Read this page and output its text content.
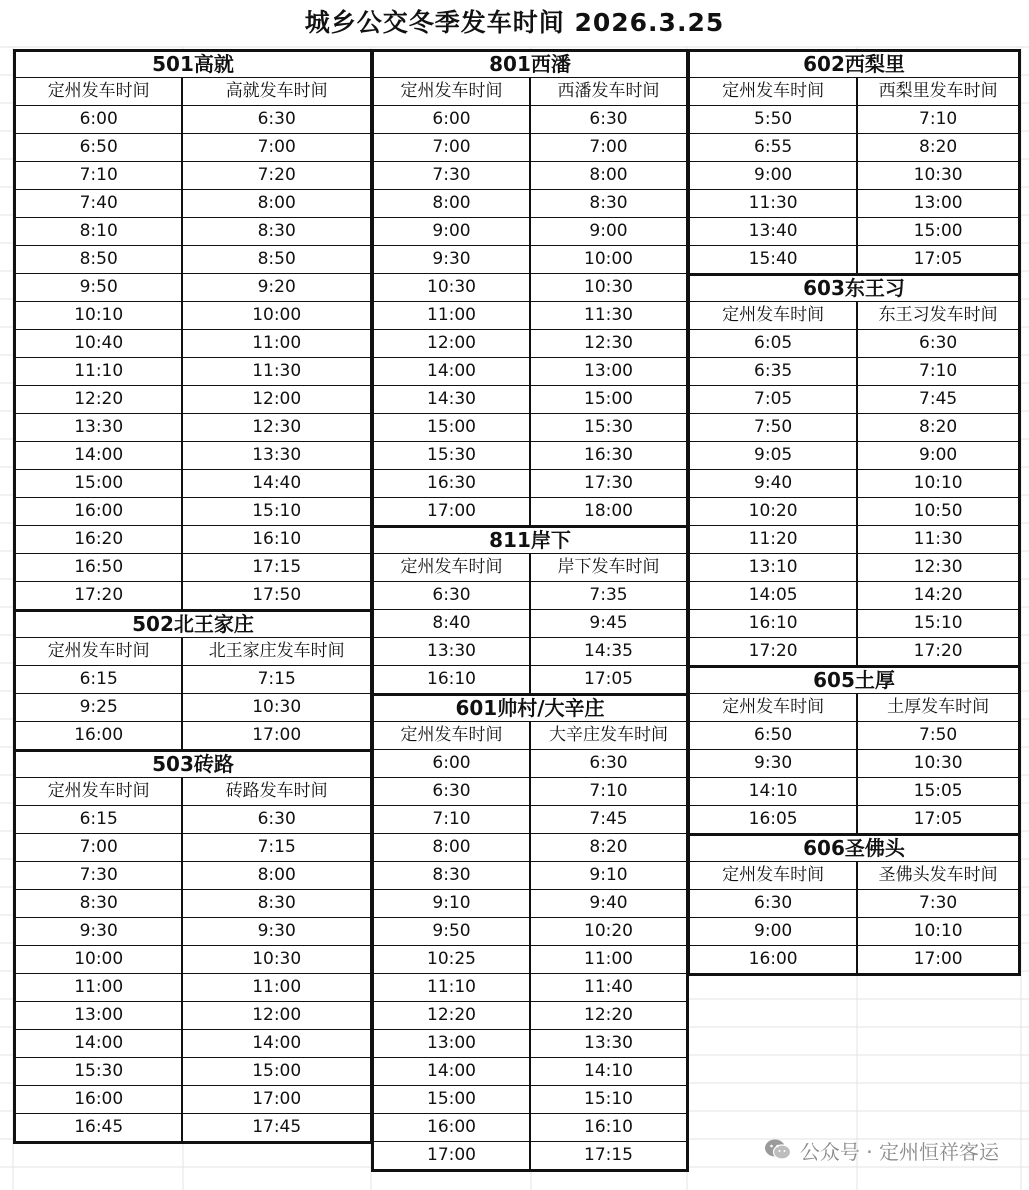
城乡公交冬季发车时间 2026.3.25
501高就	
定州发车时间	高就发车时间
6:00	6:30
6:50	7:00
7:10	7:20
7:40	8:00
8:10	8:30
8:50	8:50
9:50	9:20
10:10	10:00
10:40	11:00
11:10	11:30
12:20	12:00
13:30	12:30
14:00	13:30
15:00	14:40
16:00	15:10
16:20	16:10
16:50	17:15
17:20	17:50
502北王家庄	
定州发车时间	北王家庄发车时间
6:15	7:15
9:25	10:30
16:00	17:00
503砖路	
定州发车时间	砖路发车时间
6:15	6:30
7:00	7:15
7:30	8:00
8:30	8:30
9:30	9:30
10:00	10:30
11:00	11:00
13:00	12:00
14:00	14:00
15:30	15:00
16:00	17:00
16:45	17:45
801西潘	
定州发车时间	西潘发车时间
6:00	6:30
7:00	7:00
7:30	8:00
8:00	8:30
9:00	9:00
9:30	10:00
10:30	10:30
11:00	11:30
12:00	12:30
14:00	13:00
14:30	15:00
15:00	15:30
15:30	16:30
16:30	17:30
17:00	18:00
811岸下	
定州发车时间	岸下发车时间
6:30	7:35
8:40	9:45
13:30	14:35
16:10	17:05
601帅村/大辛庄	
定州发车时间	大辛庄发车时间
6:00	6:30
6:30	7:10
7:10	7:45
8:00	8:20
8:30	9:10
9:10	9:40
9:50	10:20
10:25	11:00
11:10	11:40
12:20	12:20
13:00	13:30
14:00	14:10
15:00	15:10
16:00	16:10
17:00	17:15
602西梨里	
定州发车时间	西梨里发车时间
5:50	7:10
6:55	8:20
9:00	10:30
11:30	13:00
13:40	15:00
15:40	17:05
603东王习	
定州发车时间	东王习发车时间
6:05	6:30
6:35	7:10
7:05	7:45
7:50	8:20
9:05	9:00
9:40	10:10
10:20	10:50
11:20	11:30
13:10	12:30
14:05	14:20
16:10	15:10
17:20	17:20
605土厚	
定州发车时间	土厚发车时间
6:50	7:50
9:30	10:30
14:10	15:05
16:05	17:05
606圣佛头	
定州发车时间	圣佛头发车时间
6:30	7:30
9:00	10:10
16:00	17:00
公众号 · 定州恒祥客运
